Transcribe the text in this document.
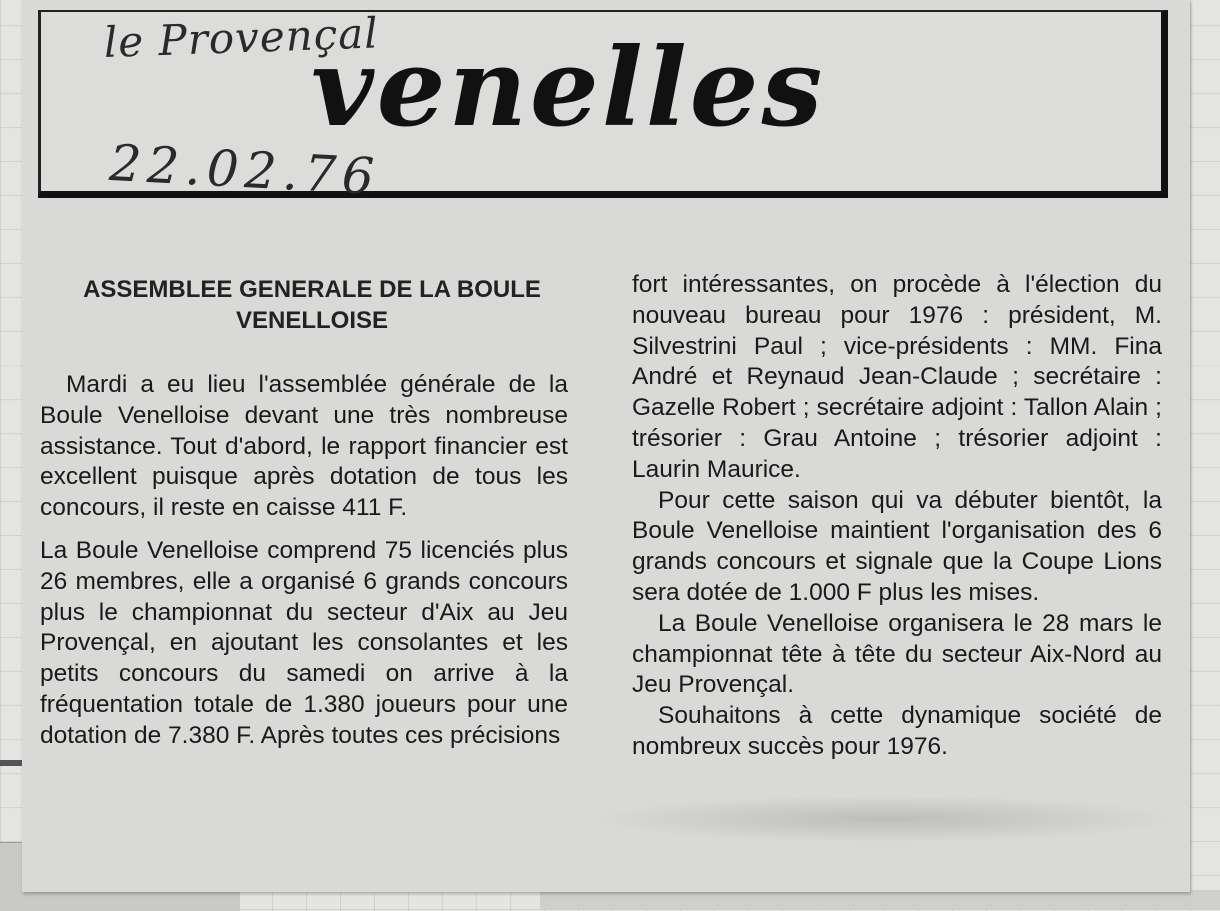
venelles
le Provençal
22.02.76
ASSEMBLEE GENERALE DE LA BOULE VENELLOISE

Mardi a eu lieu l'assemblée générale de la Boule Venelloise devant une très nombreuse assistance. Tout d'abord, le rapport financier est excellent puisque après dotation de tous les concours, il reste en caisse 411 F.

La Boule Venelloise comprend 75 licenciés plus 26 membres, elle a organisé 6 grands concours plus le championnat du secteur d'Aix au Jeu Provençal, en ajoutant les consolantes et les petits concours du samedi on arrive à la fréquentation totale de 1.380 joueurs pour une dotation de 7.380 F. Après toutes ces précisions

fort intéressantes, on procède à l'élection du nouveau bureau pour 1976 : président, M. Silvestrini Paul ; vice-présidents : MM. Fina André et Reynaud Jean-Claude ; secrétaire : Gazelle Robert ; secrétaire adjoint : Tallon Alain ; trésorier : Grau Antoine ; trésorier adjoint : Laurin Maurice.

Pour cette saison qui va débuter bientôt, la Boule Venelloise maintient l'organisation des 6 grands concours et signale que la Coupe Lions sera dotée de 1.000 F plus les mises.

La Boule Venelloise organisera le 28 mars le championnat tête à tête du secteur Aix-Nord au Jeu Provençal.

Souhaitons à cette dynamique société de nombreux succès pour 1976.
